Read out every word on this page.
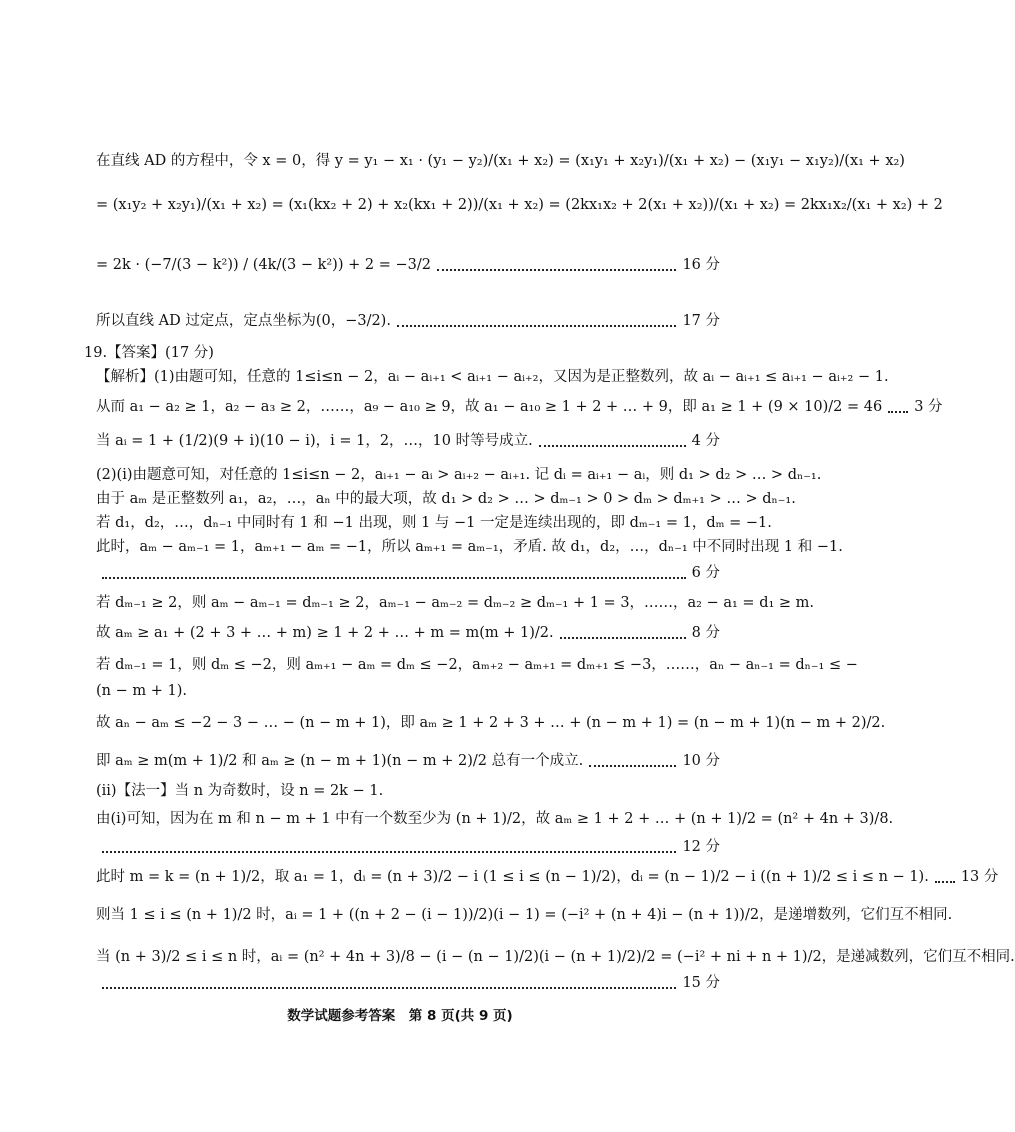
在直线 AD 的方程中，令 x = 0，得 y = y₁ − x₁ · (y₁ − y₂)/(x₁ + x₂) = (x₁y₁ + x₂y₁)/(x₁ + x₂) − (x₁y₁ − x₁y₂)/(x₁ + x₂)
= (x₁y₂ + x₂y₁)/(x₁ + x₂) = (x₁(kx₂ + 2) + x₂(kx₁ + 2))/(x₁ + x₂) = (2kx₁x₂ + 2(x₁ + x₂))/(x₁ + x₂) = 2kx₁x₂/(x₁ + x₂) + 2
= 2k · (−7/(3 − k²)) / (4k/(3 − k²)) + 2 = −3/2	16 分
所以直线 AD 过定点，定点坐标为(0，−3/2).	17 分
19.【答案】(17 分)
【解析】(1)由题可知，任意的 1≤i≤n − 2，aᵢ − aᵢ₊₁ < aᵢ₊₁ − aᵢ₊₂，又因为是正整数列，故 aᵢ − aᵢ₊₁ ≤ aᵢ₊₁ − aᵢ₊₂ − 1.
从而 a₁ − a₂ ≥ 1，a₂ − a₃ ≥ 2，……，a₉ − a₁₀ ≥ 9，故 a₁ − a₁₀ ≥ 1 + 2 + … + 9，即 a₁ ≥ 1 + (9 × 10)/2 = 46 3 分
当 aᵢ = 1 + (1/2)(9 + i)(10 − i)，i = 1，2，…，10 时等号成立.	4 分
(2)(ⅰ)由题意可知，对任意的 1≤i≤n − 2，aᵢ₊₁ − aᵢ > aᵢ₊₂ − aᵢ₊₁. 记 dᵢ = aᵢ₊₁ − aᵢ，则 d₁ > d₂ > … > dₙ₋₁.
由于 aₘ 是正整数列 a₁，a₂，…，aₙ 中的最大项，故 d₁ > d₂ > … > dₘ₋₁ > 0 > dₘ > dₘ₊₁ > … > dₙ₋₁.
若 d₁，d₂，…，dₙ₋₁ 中同时有 1 和 −1 出现，则 1 与 −1 一定是连续出现的，即 dₘ₋₁ = 1，dₘ = −1.
此时，aₘ − aₘ₋₁ = 1，aₘ₊₁ − aₘ = −1，所以 aₘ₊₁ = aₘ₋₁，矛盾. 故 d₁，d₂，…，dₙ₋₁ 中不同时出现 1 和 −1.
6 分
若 dₘ₋₁ ≥ 2，则 aₘ − aₘ₋₁ = dₘ₋₁ ≥ 2，aₘ₋₁ − aₘ₋₂ = dₘ₋₂ ≥ dₘ₋₁ + 1 = 3，……，a₂ − a₁ = d₁ ≥ m.
故 aₘ ≥ a₁ + (2 + 3 + … + m) ≥ 1 + 2 + … + m = m(m + 1)/2.	8 分
若 dₘ₋₁ = 1，则 dₘ ≤ −2，则 aₘ₊₁ − aₘ = dₘ ≤ −2，aₘ₊₂ − aₘ₊₁ = dₘ₊₁ ≤ −3，……，aₙ − aₙ₋₁ = dₙ₋₁ ≤ −
(n − m + 1).
故 aₙ − aₘ ≤ −2 − 3 − … − (n − m + 1)，即 aₘ ≥ 1 + 2 + 3 + … + (n − m + 1) = (n − m + 1)(n − m + 2)/2.
即 aₘ ≥ m(m + 1)/2 和 aₘ ≥ (n − m + 1)(n − m + 2)/2 总有一个成立.	10 分
(ⅱ)【法一】当 n 为奇数时，设 n = 2k − 1.
由(ⅰ)可知，因为在 m 和 n − m + 1 中有一个数至少为 (n + 1)/2，故 aₘ ≥ 1 + 2 + … + (n + 1)/2 = (n² + 4n + 3)/8.
12 分
此时 m = k = (n + 1)/2，取 a₁ = 1，dᵢ = (n + 3)/2 − i (1 ≤ i ≤ (n − 1)/2)，dᵢ = (n − 1)/2 − i ((n + 1)/2 ≤ i ≤ n − 1). 13 分
则当 1 ≤ i ≤ (n + 1)/2 时，aᵢ = 1 + ((n + 2 − (i − 1))/2)(i − 1) = (−i² + (n + 4)i − (n + 1))/2，是递增数列，它们互不相同.
当 (n + 3)/2 ≤ i ≤ n 时，aᵢ = (n² + 4n + 3)/8 − (i − (n − 1)/2)(i − (n + 1)/2)/2 = (−i² + ni + n + 1)/2，是递减数列，它们互不相同.
15 分
数学试题参考答案　第 8 页(共 9 页)
